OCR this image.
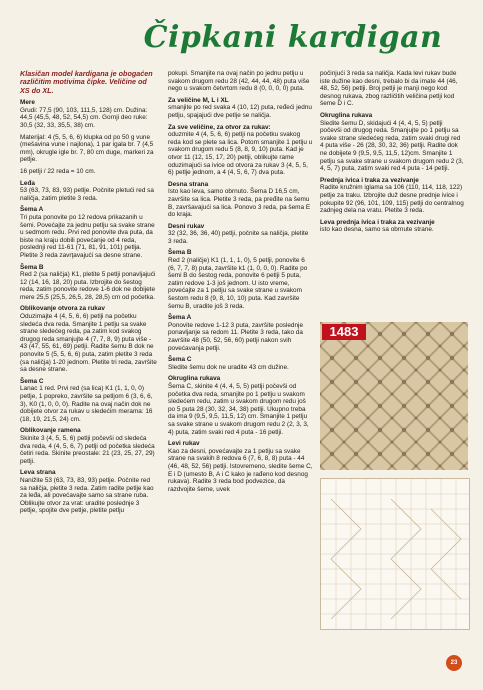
Čipkani kardigan

Klasičan model kardigana je obogaćen različitim motivima čipke. Veličine od XS do XL.

Mere
Grudi: 77,5 (90, 103, 111,5, 128) cm. Dužina: 44,5 (45,5, 48, 52, 54,5) cm. Gornji deo ruke: 30,5 (32, 33, 35,5, 38) cm.

Materijal: 4 (5, 5, 6, 6) klupka od po 50 g vune (mešavina vune i najlona), 1 par igala br. 7 (4,5 mm), okrugle igle br. 7, 80 cm duge, markeri za petlje.

16 petlji / 22 reda = 10 cm.

Leđa
53 (63, 73, 83, 93) petlje. Počnite pletući red sa naličja, zatim pletite 3 reda.

Šema A
Tri puta ponovite po 12 redova prikazanih u šemi. Povećajte za jednu petlju sa svake strane u sedmom redu. Prvi red ponovite dva puta, da biste na kraju dobili povećanje od 4 reda, poslednji red 11-61 (71, 81, 91, 101) petlja. Pletite 3 reda zavrţavajući sa desne strane.

Šema B
Red 2 (sa naličja) K1, pletite 5 petlji ponavljajući 12 (14, 16, 18, 20) puta. Izbrojite do šestog reda, zatim ponovite redove 1-6 dok ne dobijete mere 25,5 (25,5, 26,5, 28, 28,5) cm od početka.

Oblikovanje otvora za rukav
Oduzimajte 4 (4, 5, 6, 6) petlji na početku sledeća dva reda. Smanjite 1 petlju sa svake strane sledećeg reda, pa zatim kod svakog drugog reda smanjujte 4 (7, 7, 8, 9) puta više - 43 (47, 55, 61, 69) petlji. Radite šemu B dok ne ponovite 5 (5, 5, 6, 6) puta, zatim pletite 3 reda (sa naličja) 1-20 jednom. Pletite tri reda, završite sa desne strane.

Šema C
Lanac 1 red. Prvi red (sa lica) K1 (1, 1, 0, 0) petlje, 1 popreko, završite sa petljom 6 (3, 6, 6, 3), K0 (1, 0, 0, 0). Radite na ovaj način dok ne dobijete otvor za rukav u sledećim merama: 16 (18, 19, 21,5, 24) cm.

Oblikovanje ramena
Skinite 3 (4, 5, 5, 6) petlji počevši od sledeća dva reda, 4 (4, 5, 6, 7) petlji od početka sledeća četiri reda. Skinite preostale: 21 (23, 25, 27, 29) petlji.

Leva strana
Nanižite 53 (63, 73, 83, 93) petlje. Počnite red sa naličja, pletite 3 reda. Zatim radite petlje kao za leđa, ali povećavajte samo sa strane ruba. Oblikujte otvor za vrat: uradite poslednje 3 petlje, spojite dve petlje, pletite petlju

pokupi. Smanjite na ovaj način po jednu petlju u svakom drugom redu 28 (42, 44, 44, 48) puta više nego u svakom četvrtom redu 8 (0, 0, 0, 0) puta.

Za veličine M, L i XL
smanjite po red svaka 4 (10, 12) puta, ređeći jednu petlju, spajajući dve petlje se naličja.

Za sve veličine, za otvor za rukav:
oduzmite 4 (4, 5, 6, 6) petlji na početku svakog reda kod se plete sa lica. Potom smanjite 1 petlju u svakom drugom redu 5 (8, 8, 9, 10) puta. Kad je otvor 11 (12, 15, 17, 20) petlji, oblikujte rame oduzimajući sa ivice od otvora za rukav 3 (4, 5, 5, 6) petlje jednom, a 4 (4, 5, 6, 7) dva puta.

Desna strana
Isto kao leva, samo obrnuto. Šema D 16,5 cm, završite sa lica. Pletite 3 reda, pa pređite na šemu B, završavajući sa lica. Ponovo 3 reda, pa šema E do kraja.

Desni rukav
32 (32, 36, 36, 40) petlji, počnite sa naličja, pletite 3 reda.

Šema B
Red 2 (naličje) K1 (1, 1, 1, 0), 5 petlji, ponovite 6 (6, 7, 7, 8) puta, završite k1 (1, 0, 0, 0). Radite po šemi B do šestog reda, ponovite 6 petlji 5 puta, zatim redove 1-3 još jednom. U isto vreme, povećajte za 1 petlju sa svake strane u svakom šestom redu 8 (9, 8, 10, 10) puta. Kad završite šemu B, uradite još 3 reda.

Šema A
Ponovite redove 1-12 3 puta, završite poslednje ponavljanje sa redom 11. Pletite 3 reda, tako da završite 48 (50, 52, 56, 60) petlji nakon svih povećavanja petlji.

Šema C
Sledite šemu dok ne uradite 43 cm dužine.

Okruglina rukava
Šema C, skinite 4 (4, 4, 5, 5) petlji počevši od početka dva reda, smanjite po 1 petlju u svakom sledećem redu, zatim u svakom drugom redu još po 5 puta 28 (30, 32, 34, 38) petlji. Ukupno treba da ima 9 (9,5, 9,5, 11,5, 12) cm. Smanjite 1 petlju sa svake strane u svakom drugom redu 2 (2, 3, 3, 4) puta, zatim svaki red 4 puta - 16 petlji.

Levi rukav
Kao za desni, povećavajte za 1 petlju sa svake strane na svakih 8 redova 6 (7, 6, 8, 8) puta - 44 (46, 48, 52, 56) petlji. Istovremeno, sledite šeme C, E i D (umesto B, A i C kako je rađeno kod desnog rukava). Radite 3 reda bod podvezice, da razdvojite šeme, uvek

počinjući 3 reda sa naličja. Kada levi rukav bude iste dužine kao desni, trebalo bi da imate 44 (46, 48, 52, 56) petlji. Broj petlji je manji nego kod desnog rukava, zbog različitih veličina petlji kod šeme D i C.

Okruglina rukava
Sledite šemu D, skidajući 4 (4, 4, 5, 5) petlji počevši od drugog reda. Smanjujte po 1 petlju sa svake strane sledećeg reda, zatim svaki drugi red 4 puta više - 26 (28, 30, 32, 36) petlji. Radite dok ne dobijete 9 (9,5, 9,5, 11,5, 12)cm. Smanjite 1 petlju sa svake strane u svakom drugom redu 2 (3, 4, 5, 7) puta, zatim svaki red 4 puta - 14 petlji.

Prednja ivica i traka za vezivanje
Radite kružnim iglama sa 106 (110, 114, 118, 122) petlje za traku. Izbrojite duž desne prednje ivice i pokupite 92 (96, 101, 109, 115) petlji do centralnog zadnjeg dela na vratu. Pletite 3 reda.

Leva prednja ivica i traka za vezivanje
isto kao desna, samo sa obrnute strane.

1483
23
